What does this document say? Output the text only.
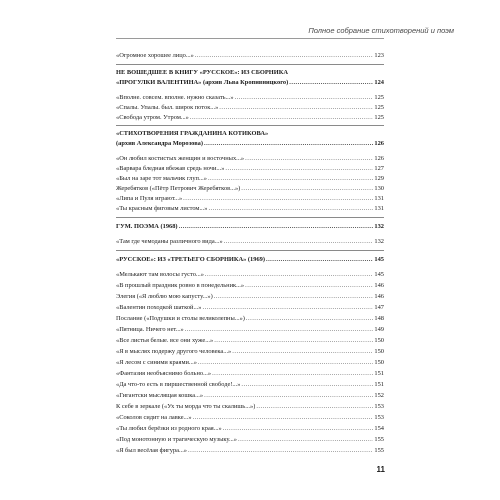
Полное собрание стихотворений и поэм
«Огромное хорошее лицо...» .....	123
НЕ ВОШЕДШЕЕ В КНИГУ «РУССКОЕ»: ИЗ СБОРНИКА
«ПРОГУЛКИ ВАЛЕНТИНА» (архив Льва Кропивницкого) .....	124
«Вполне. совсем. вполне. нужно сказать...» .....	125
«Спалы. Упалы. был. широк поток...» .....	125
«Свобода утром. Утром...» .....	125
«СТИХОТВОРЕНИЯ ГРАЖДАНИНА КОТИКОВА»
(архив Александра Морозова) .....	126
«Он любил костистых женщин и восточных...» .....	126
«Варвара бледная вбежав средь ночи...» .....	127
«Был на заре тот мальчик глуп...» .....	129
Жеребятков («Пётр Петрович Жеребятков...») .....	130
«Липа и Пуля играют...» .....	131
«Ты красным фиговым листом...» .....	131
ГУМ. ПОЭМА (1968) .....	132
«Там где чемоданы различного вида...» .....	132
«РУССКОЕ»: ИЗ «ТРЕТЬЕГО СБОРНИКА» (1969) .....	145
«Мелькают там волосы густо...» .....	145
«В прошлый праздник ровно в понедельник...» .....	146
Элегия («Я люблю мою капусту...») .....	146
«Валентин походкой шаткой...» .....	147
Послание («Подушки и столы великолепны...») .....	148
«Пятница. Ничего нет...» .....	149
«Все листья белые. все они хуже...» .....	150
«Я в мыслях подержу другого человека...» .....	150
«Я лесом с синими краями...» .....	150
«Фантазия необъяснимо больно...» .....	151
«Да что-то есть в пиршественной свободе!...» .....	151
«Гигантски мыслящая кошка...» .....	152
К себе в зеркале («Ух ты морда что ты скалишь...») .....	153
«Соколов сидит на лавке...» .....	153
«Ты любил берёзки из родного края...» .....	154
«Под монотонную и трагическую музыку...» .....	155
«Я был весёлая фигура...» .....	155
11
